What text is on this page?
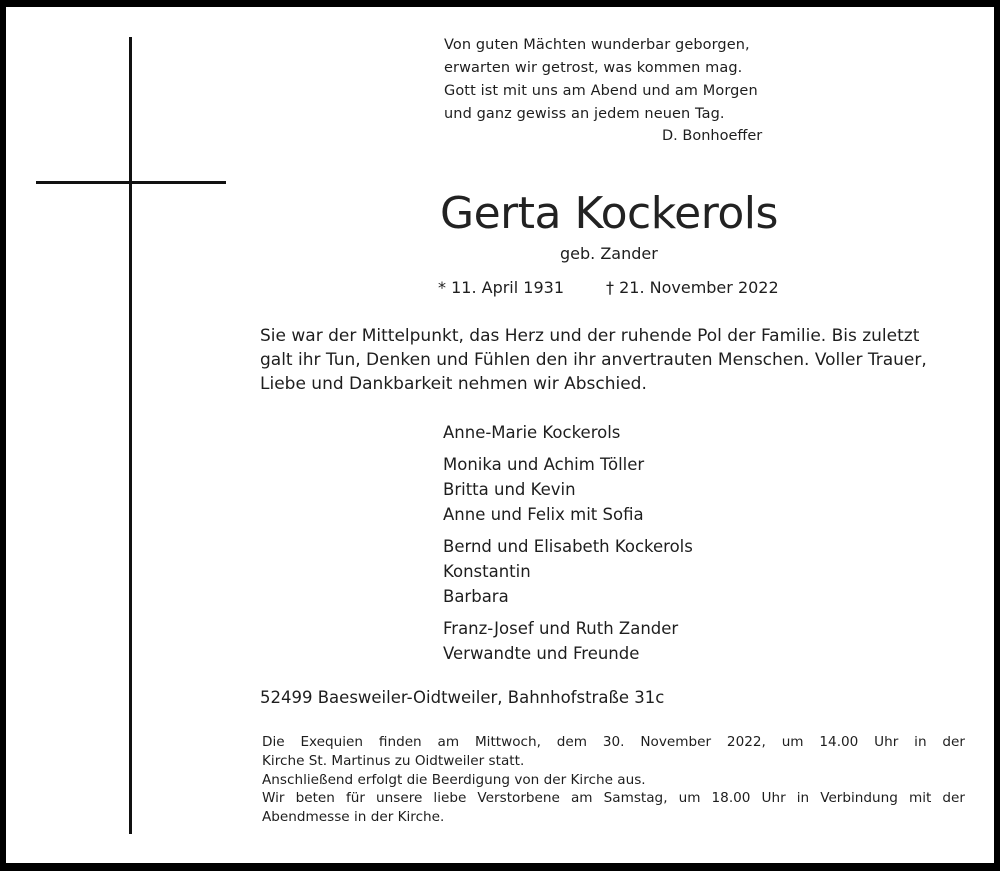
Von guten Mächten wunderbar geborgen,
erwarten wir getrost, was kommen mag.
Gott ist mit uns am Abend und am Morgen
und ganz gewiss an jedem neuen Tag.
D. Bonhoeffer
Gerta Kockerols
geb. Zander
* 11. April 1931	† 21. November 2022
Sie war der Mittelpunkt, das Herz und der ruhende Pol der Familie. Bis zuletzt
galt ihr Tun, Denken und Fühlen den ihr anvertrauten Menschen. Voller Trauer,
Liebe und Dankbarkeit nehmen wir Abschied.
Anne-Marie Kockerols
Monika und Achim Töller
Britta und Kevin
Anne und Felix mit Sofia
Bernd und Elisabeth Kockerols
Konstantin
Barbara
Franz-Josef und Ruth Zander
Verwandte und Freunde
52499 Baesweiler-Oidtweiler, Bahnhofstraße 31c
Die Exequien finden am Mittwoch, dem 30. November 2022, um 14.00 Uhr in der
Kirche St. Martinus zu Oidtweiler statt.
Anschließend erfolgt die Beerdigung von der Kirche aus.
Wir beten für unsere liebe Verstorbene am Samstag, um 18.00 Uhr in Verbindung mit der
Abendmesse in der Kirche.
